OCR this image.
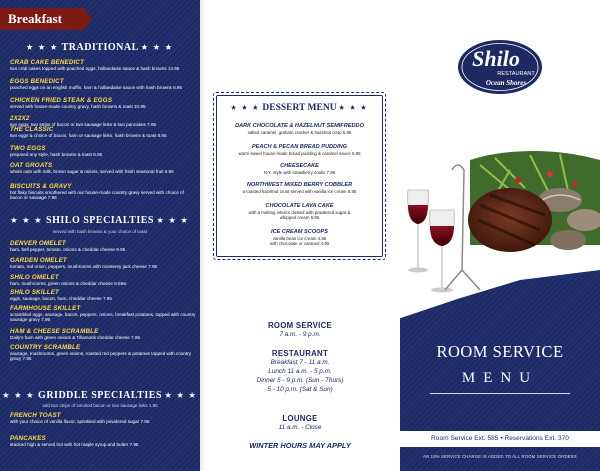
Breakfast
★ ★ ★ TRADITIONAL ★ ★ ★
CRAB CAKE BENEDICT
two crab cakes topped with poached eggs, hollandaise sauce & hash browns 14.95
EGGS BENEDICT
poached eggs on an english muffin, ham & hollandaise sauce with hash browns 8.95
CHICKEN FRIED STEAK & EGGS
served with house-made country gravy, hash browns & toast 10.95
2X2X2
two eggs, two strips of bacon or two sausage links & two pancakes 7.95
THE CLASSIC
two eggs & choice of bacon, ham or sausage links, hash browns & toast 8.95
TWO EGGS
prepared any style, hash browns & toast 6.95
OAT GROATS
whole oats with milk, brown sugar & raisins, served with fresh seasonal fruit 6.95
BISCUITS & GRAVY
hot flaky biscuits smothered with our house-made country gravy served with choice of bacon or sausage 7.95
★ ★ ★ SHILO SPECIALTIES ★ ★ ★
served with hash browns & your choice of toast
DENVER OMELET
ham, bell pepper, tomato, onions & cheddar cheese 9.95
GARDEN OMELET
tomato, red onion, peppers, mushrooms with monterey jack cheese 7.95
SHILO OMELET
ham, mushrooms, green onions & cheddar cheese 9.55w
SHILO SKILLET
eggs, sausage, bacon, ham, cheddar cheese 7.95
FARMHOUSE SKILLET
scrambled eggs, sausage, bacon, peppers, onions, breakfast potatoes, topped with country sausage gravy 7.95
HAM & CHEESE SCRAMBLE
Daily's ham with green onions & Tillamook cheddar cheese 7.95
COUNTRY SCRAMBLE
sausage, mushrooms, green onions, roasted red peppers & potatoes topped with country gravy 7.95
★ ★ ★ GRIDDLE SPECIALTIES ★ ★ ★
add two strips of smoked bacon or two sausage links 1.95
FRENCH TOAST
with your choice of vanilla flavor, sprinkled with powdered sugar 7.95
PANCAKES
stacked high & served hot with hot maple syrup and butter 7.95
★ ★ ★ DESSERT MENU ★ ★ ★
DARK CHOCOLATE & HAZELNUT SEMIFREDDO
salted caramel, graham cracker & hazelnut crisp 6.95
PEACH & PECAN BREAD PUDDING
warm sweet house-made bread pudding & caramel sauce 6.95
CHEESECAKE
N.Y. style with strawberry coulis 7.95
NORTHWEST MIXED BERRY COBBLER
a toasted hazelnut crust served with vanilla ice cream 6.95
CHOCOLATE LAVA CAKE
with a melting interior dusted with powdered sugar &
whipped cream 6.95
ICE CREAM SCOOPS
vanilla bean ice cream 4.95
with chocolate or caramel 4.95
ROOM SERVICE
7 a.m. - 9 p.m.
RESTAURANT
Breakfast 7 - 11 a.m.
Lunch 11 a.m. - 5 p.m.
Dinner 5 - 9 p.m. (Sun - Thurs)
5 - 10 p.m. (Sat & Sun)
LOUNGE
11 a.m. - Close
WINTER HOURS MAY APPLY
Shilo
RESTAURANT
Ocean Shores
ROOM SERVICE
MENU
Room Service Ext. 585 • Reservations Ext. 370
AN 18% SERVICE CHARGE IS ADDED TO ALL ROOM SERVICE ORDERS
